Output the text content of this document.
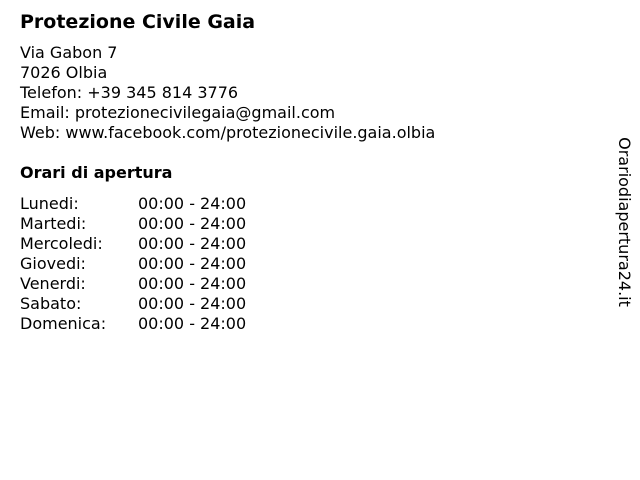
Protezione Civile Gaia
Via Gabon 7
7026 Olbia
Telefon: +39 345 814 3776
Email: protezionecivilegaia@gmail.com
Web: www.facebook.com/protezionecivile.gaia.olbia
Orari di apertura
Lunedi:	00:00 - 24:00
Martedi:	00:00 - 24:00
Mercoledi: 00:00 - 24:00
Giovedi:	00:00 - 24:00
Venerdi:	00:00 - 24:00
Sabato:	00:00 - 24:00
Domenica: 00:00 - 24:00
Orariodiapertura24.it
